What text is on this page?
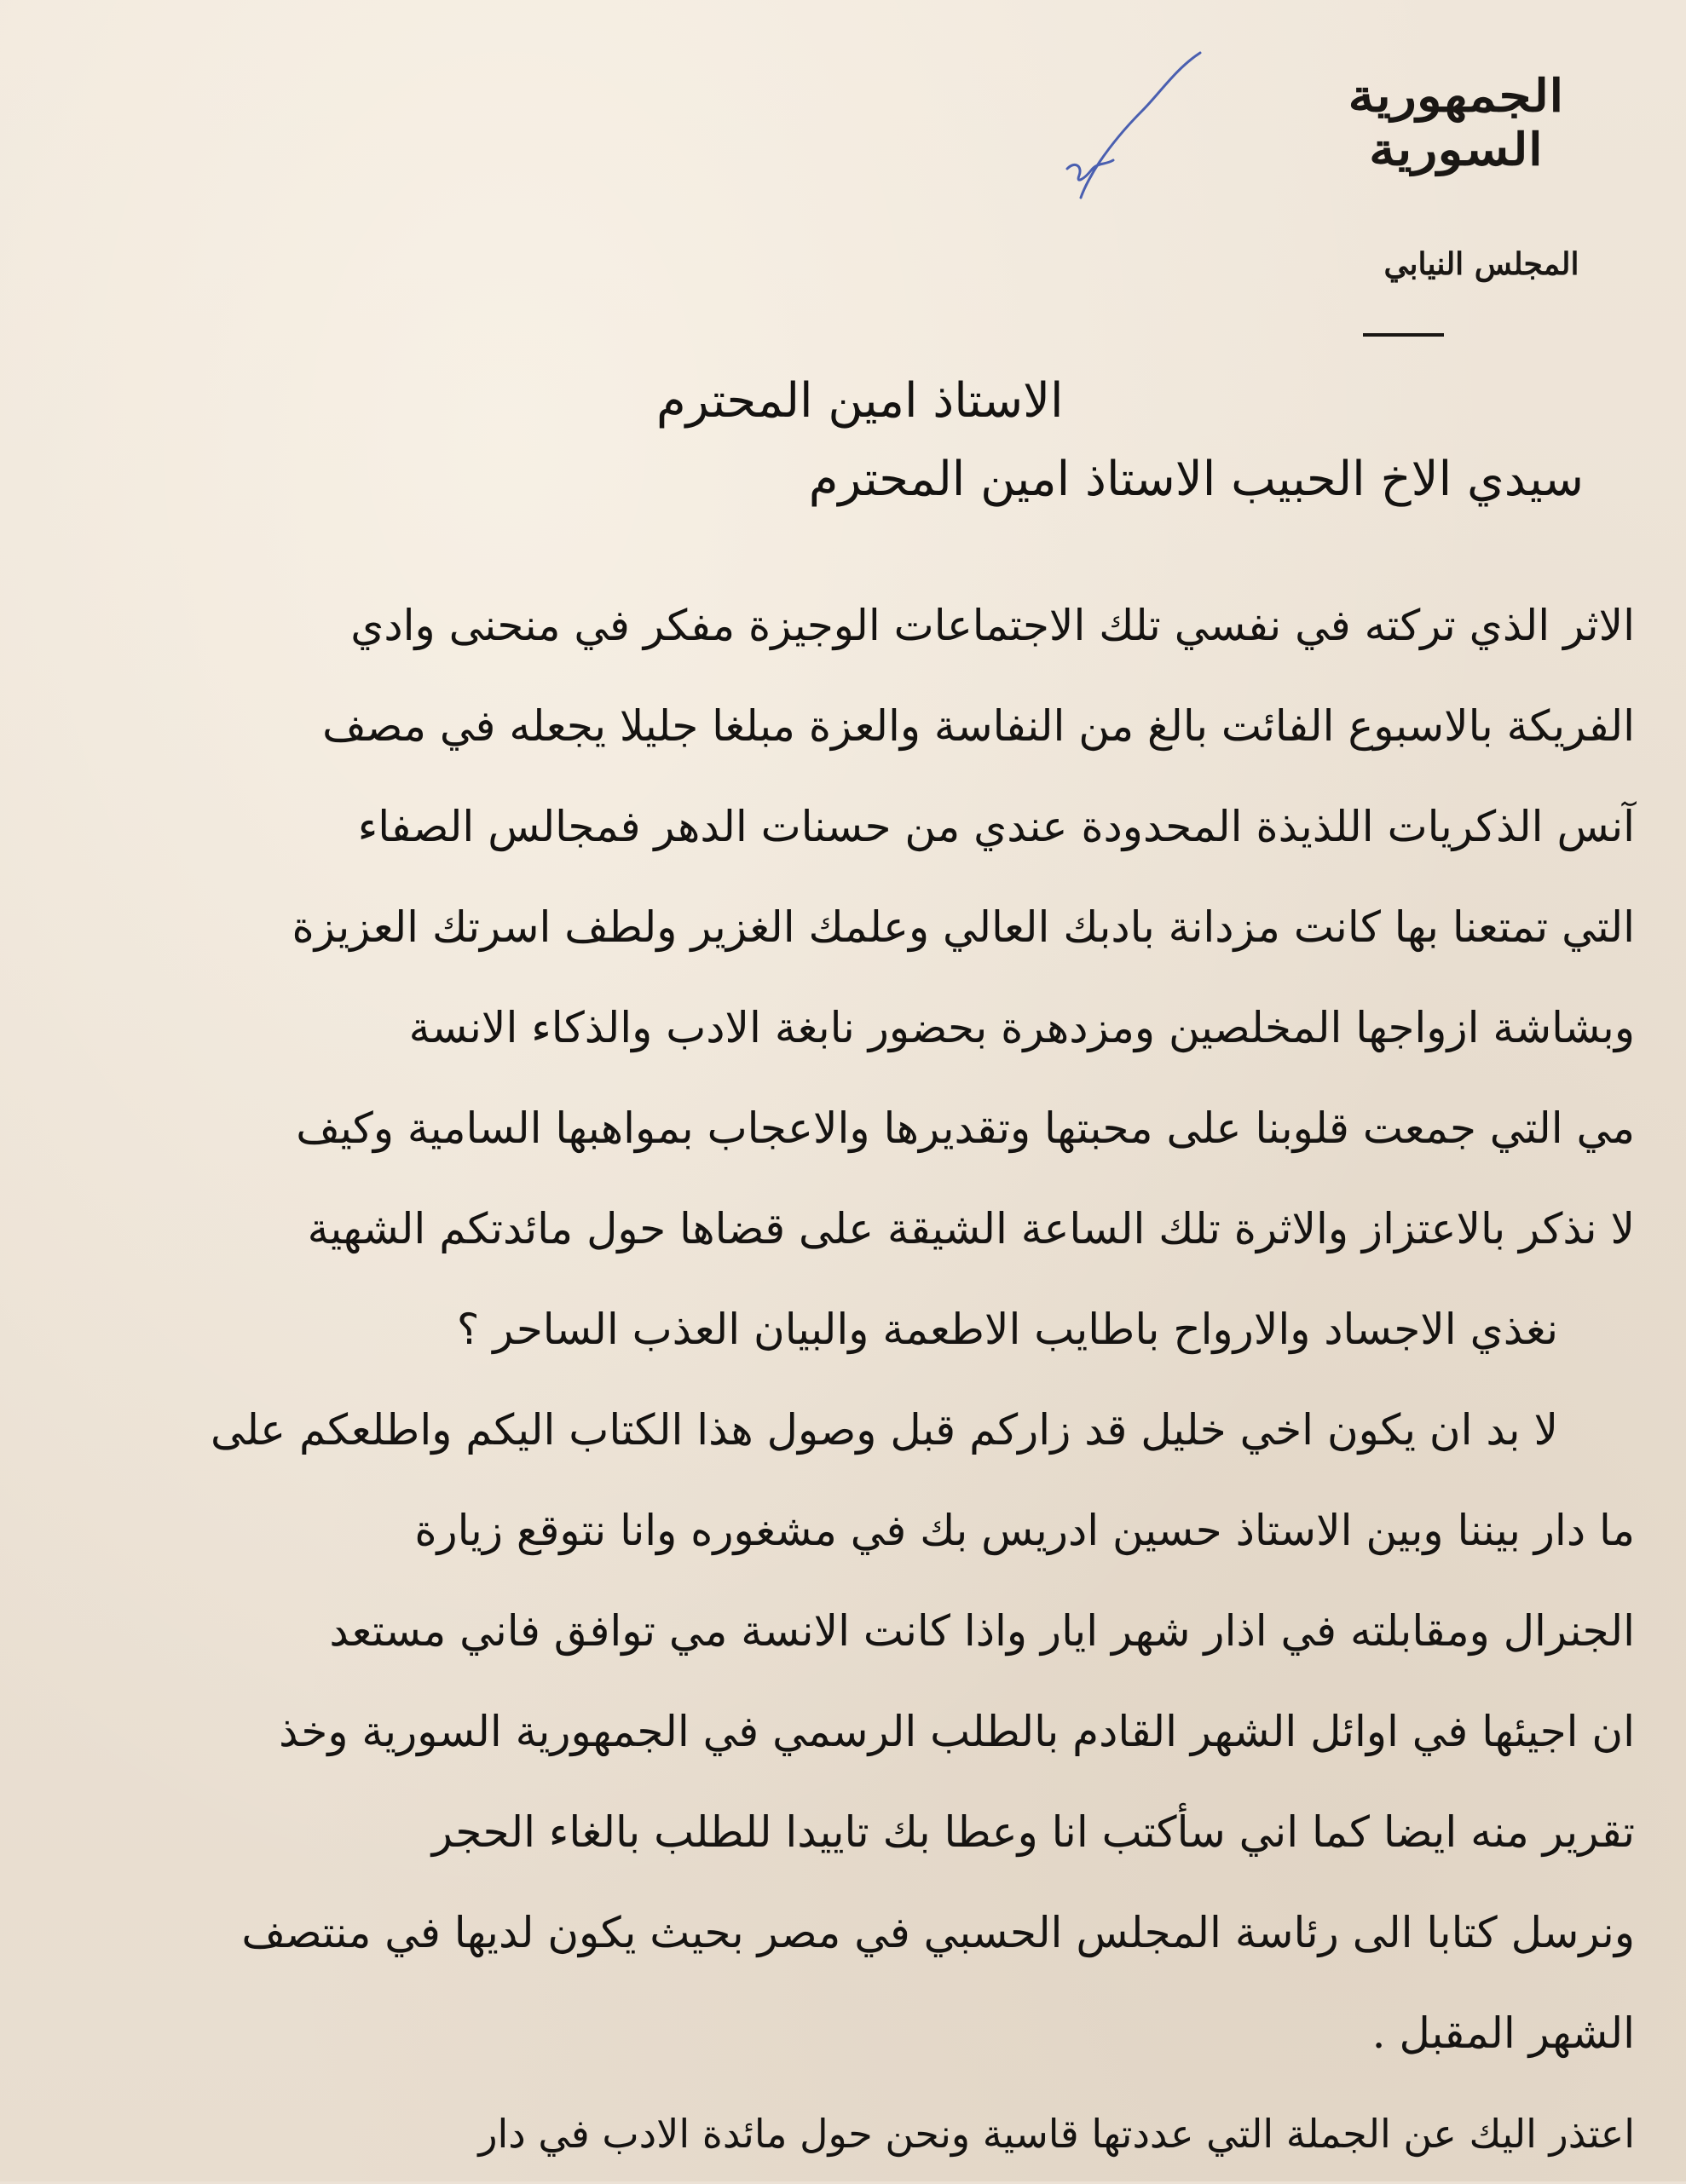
الجمهورية السورية
المجلس النيابي
الاستاذ امين المحترم
سيدي الاخ الحبيب الاستاذ امين المحترم
الاثر الذي تركته في نفسي تلك الاجتماعات الوجيزة مفكر في منحنى وادي
الفريكة بالاسبوع الفائت بالغ من النفاسة والعزة مبلغا جليلا يجعله في مصف
آنس الذكريات اللذيذة المحدودة عندي من حسنات الدهر فمجالس الصفاء
التي تمتعنا بها كانت مزدانة بادبك العالي وعلمك الغزير ولطف اسرتك العزيزة
وبشاشة ازواجها المخلصين ومزدهرة بحضور نابغة الادب والذكاء الانسة
مي التي جمعت قلوبنا على محبتها وتقديرها والاعجاب بمواهبها السامية وكيف
لا نذكر بالاعتزاز والاثرة تلك الساعة الشيقة على قضاها حول مائدتكم الشهية
نغذي الاجساد والارواح باطايب الاطعمة والبيان العذب الساحر ؟
لا بد ان يكون اخي خليل قد زاركم قبل وصول هذا الكتاب اليكم واطلعكم على
ما دار بيننا وبين الاستاذ حسين ادريس بك في مشغوره وانا نتوقع زيارة
الجنرال ومقابلته في اذار شهر ايار واذا كانت الانسة مي توافق فاني مستعد
ان اجيئها في اوائل الشهر القادم بالطلب الرسمي في الجمهورية السورية وخذ
تقرير منه ايضا كما اني سأكتب انا وعطا بك تاييدا للطلب بالغاء الحجر
ونرسل كتابا الى رئاسة المجلس الحسبي في مصر بحيث يكون لديها في منتصف
الشهر المقبل .
اعتذر اليك عن الجملة التي عددتها قاسية ونحن حول مائدة الادب في دار
